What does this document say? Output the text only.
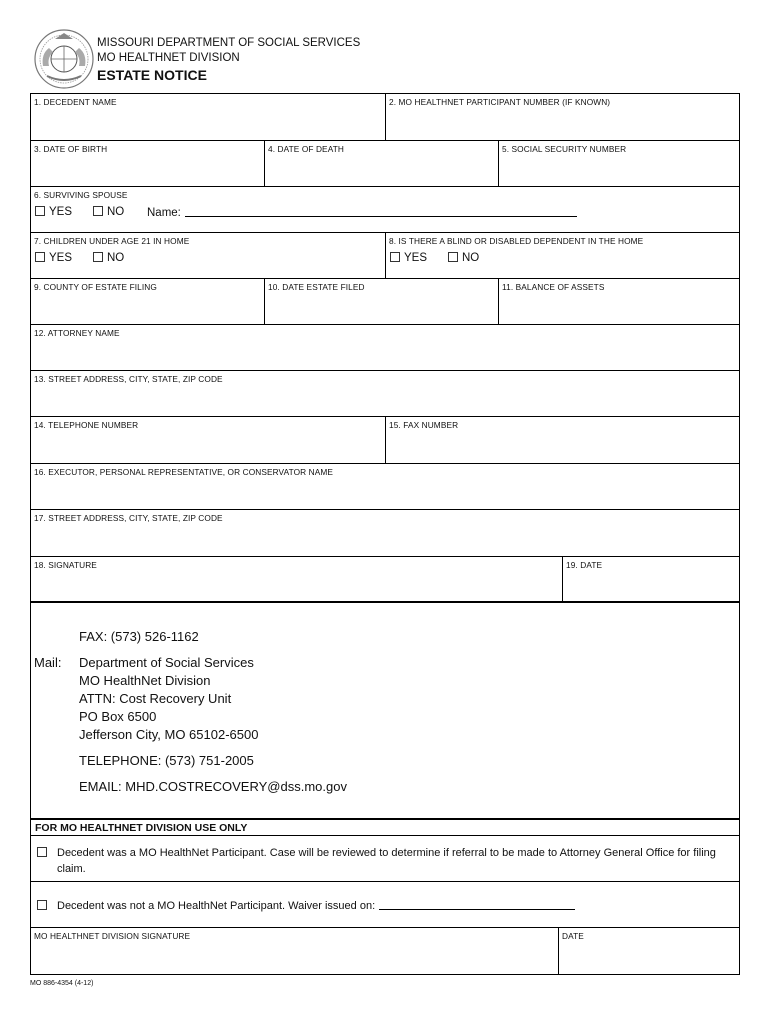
MISSOURI DEPARTMENT OF SOCIAL SERVICES
MO HEALTHNET DIVISION
ESTATE NOTICE
1. DECEDENT NAME	2. MO HEALTHNET PARTICIPANT NUMBER (IF KNOWN)
3. DATE OF BIRTH	4. DATE OF DEATH	5. SOCIAL SECURITY NUMBER
6. SURVIVING SPOUSE
YES	NO Name:
7. CHILDREN UNDER AGE 21 IN HOME
YES	NO
8. IS THERE A BLIND OR DISABLED DEPENDENT IN THE HOME
YES	NO
9. COUNTY OF ESTATE FILING	10. DATE ESTATE FILED	11. BALANCE OF ASSETS
12. ATTORNEY NAME
13. STREET ADDRESS, CITY, STATE, ZIP CODE
14. TELEPHONE NUMBER	15. FAX NUMBER
16. EXECUTOR, PERSONAL REPRESENTATIVE, OR CONSERVATOR NAME
17. STREET ADDRESS, CITY, STATE, ZIP CODE
18. SIGNATURE	19. DATE
FAX: (573) 526-1162
Mail: Department of Social Services
MO HealthNet Division
ATTN: Cost Recovery Unit
PO Box 6500
Jefferson City, MO 65102-6500
TELEPHONE: (573) 751-2005
EMAIL: MHD.COSTRECOVERY@dss.mo.gov
FOR MO HEALTHNET DIVISION USE ONLY
Decedent was a MO HealthNet Participant. Case will be reviewed to determine if referral to be made to Attorney General Office for filing claim.
Decedent was not a MO HealthNet Participant. Waiver issued on:
MO HEALTHNET DIVISION SIGNATURE	DATE
MO 886-4354 (4-12)
